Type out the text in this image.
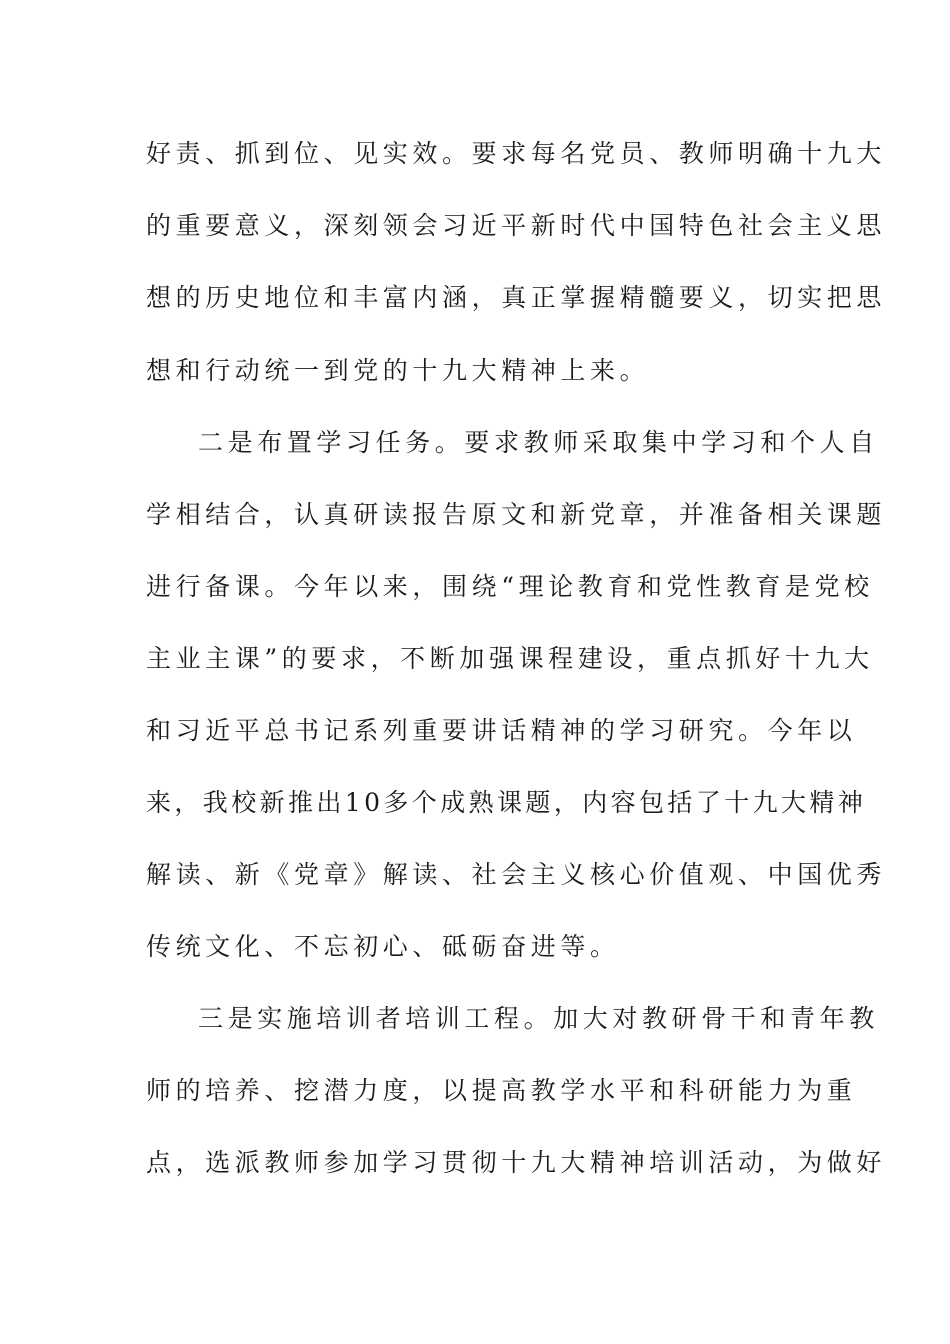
好责、抓到位、见实效。要求每名党员、教师明确十九大
的重要意义，深刻领会习近平新时代中国特色社会主义思
想的历史地位和丰富内涵，真正掌握精髓要义，切实把思
想和行动统一到党的十九大精神上来。
二是布置学习任务。要求教师采取集中学习和个人自
学相结合，认真研读报告原文和新党章，并准备相关课题
进行备课。今年以来，围绕“理论教育和党性教育是党校
主业主课”的要求，不断加强课程建设，重点抓好十九大
和习近平总书记系列重要讲话精神的学习研究。今年以
来，我校新推出10多个成熟课题，内容包括了十九大精神
解读、新《党章》解读、社会主义核心价值观、中国优秀
传统文化、不忘初心、砥砺奋进等。
三是实施培训者培训工程。加大对教研骨干和青年教
师的培养、挖潜力度，以提高教学水平和科研能力为重
点，选派教师参加学习贯彻十九大精神培训活动，为做好
